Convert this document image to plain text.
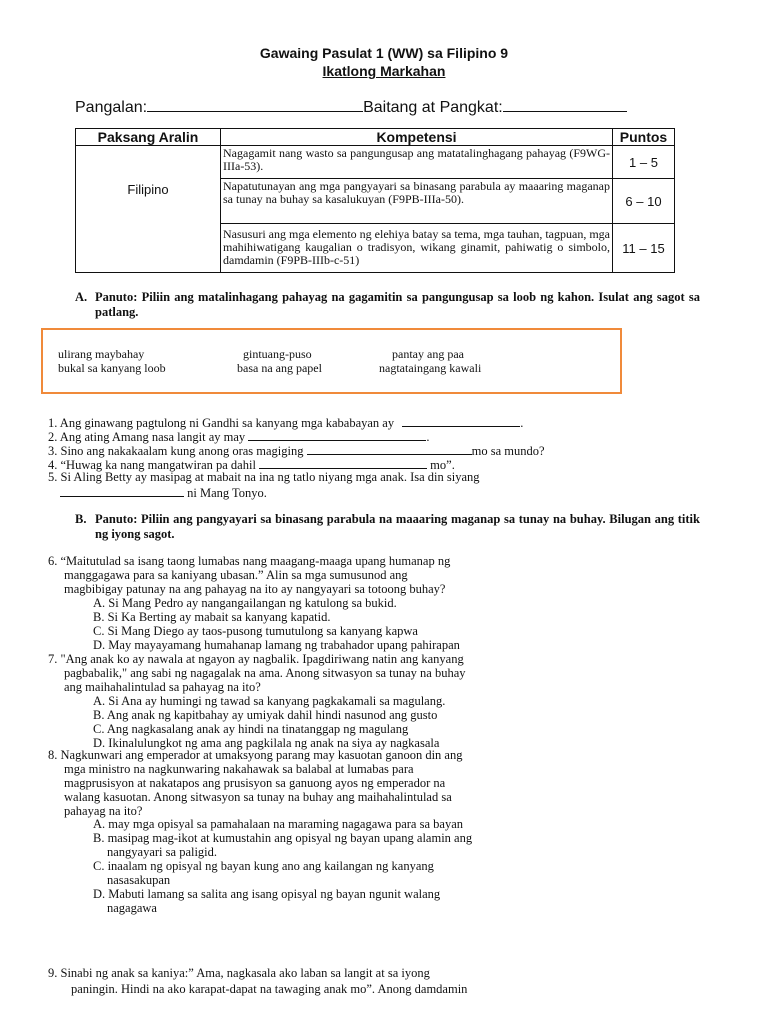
Gawaing Pasulat 1 (WW) sa Filipino 9
Ikatlong Markahan
Pangalan:	Baitang at Pangkat:
Paksang Aralin	Kompetensi	Puntos
Filipino	Nagagamit nang wasto sa pangungusap ang matatalinghagang pahayag (F9WG-IIIa-53).	1 – 5
	Napatutunayan ang mga pangyayari sa binasang parabula ay maaaring maganap sa tunay na buhay sa kasalukuyan (F9PB-IIIa-50).	6 – 10
	Nasusuri ang mga elemento ng elehiya batay sa tema, mga tauhan, tagpuan, mga mahihiwatigang kaugalian o tradisyon, wikang ginamit, pahiwatig o simbolo, damdamin (F9PB-IIIb-c-51)	11 – 15
A. Panuto: Piliin ang matalinhagang pahayag na gagamitin sa pangungusap sa loob ng kahon. Isulat ang sagot sa patlang.
ulirang maybahay	gintuang-puso	pantay ang paa
bukal sa kanyang loob	basa na ang papel	nagtataingang kawali
1. Ang ginawang pagtulong ni Gandhi sa kanyang mga kababayan ay	.
2. Ang ating Amang nasa langit ay may	.
3. Sino ang nakakaalam kung anong oras magiging	mo sa mundo?
4. “Huwag ka nang mangatwiran pa dahil	mo”.
5. Si Aling Betty ay masipag at mabait na ina ng tatlo niyang mga anak. Isa din siyang
ni Mang Tonyo.
B. Panuto: Piliin ang pangyayari sa binasang parabula na maaaring maganap sa tunay na buhay. Bilugan ang titik ng iyong sagot.
6. “Maitutulad sa isang taong lumabas nang maagang-maaga upang humanap ng
manggagawa para sa kaniyang ubasan.” Alin sa mga sumusunod ang
magbibigay patunay na ang pahayag na ito ay nangyayari sa totoong buhay?
A. Si Mang Pedro ay nangangailangan ng katulong sa bukid.
B. Si Ka Berting ay mabait sa kanyang kapatid.
C. Si Mang Diego ay taos-pusong tumutulong sa kanyang kapwa
D. May mayayamang humahanap lamang ng trabahador upang pahirapan
7. "Ang anak ko ay nawala at ngayon ay nagbalik. Ipagdiriwang natin ang kanyang
pagbabalik," ang sabi ng nagagalak na ama. Anong sitwasyon sa tunay na buhay
ang maihahalintulad sa pahayag na ito?
A. Si Ana ay humingi ng tawad sa kanyang pagkakamali sa magulang.
B. Ang anak ng kapitbahay ay umiyak dahil hindi nasunod ang gusto
C. Ang nagkasalang anak ay hindi na tinatanggap ng magulang
D. Ikinalulungkot ng ama ang pagkilala ng anak na siya ay nagkasala
8. Nagkunwari ang emperador at umaksyong parang may kasuotan ganoon din ang
mga ministro na nagkunwaring nakahawak sa balabal at lumabas para
magprusisyon at nakatapos ang prusisyon sa ganuong ayos ng emperador na
walang kasuotan. Anong sitwasyon sa tunay na buhay ang maihahalintulad sa
pahayag na ito?
A. may mga opisyal sa pamahalaan na maraming nagagawa para sa bayan
B. masipag mag-ikot at kumustahin ang opisyal ng bayan upang alamin ang
nangyayari sa paligid.
C. inaalam ng opisyal ng bayan kung ano ang kailangan ng kanyang
nasasakupan
D. Mabuti lamang sa salita ang isang opisyal ng bayan ngunit walang
nagagawa
9. Sinabi ng anak sa kaniya:” Ama, nagkasala ako laban sa langit at sa iyong
paningin. Hindi na ako karapat-dapat na tawaging anak mo”. Anong damdamin
